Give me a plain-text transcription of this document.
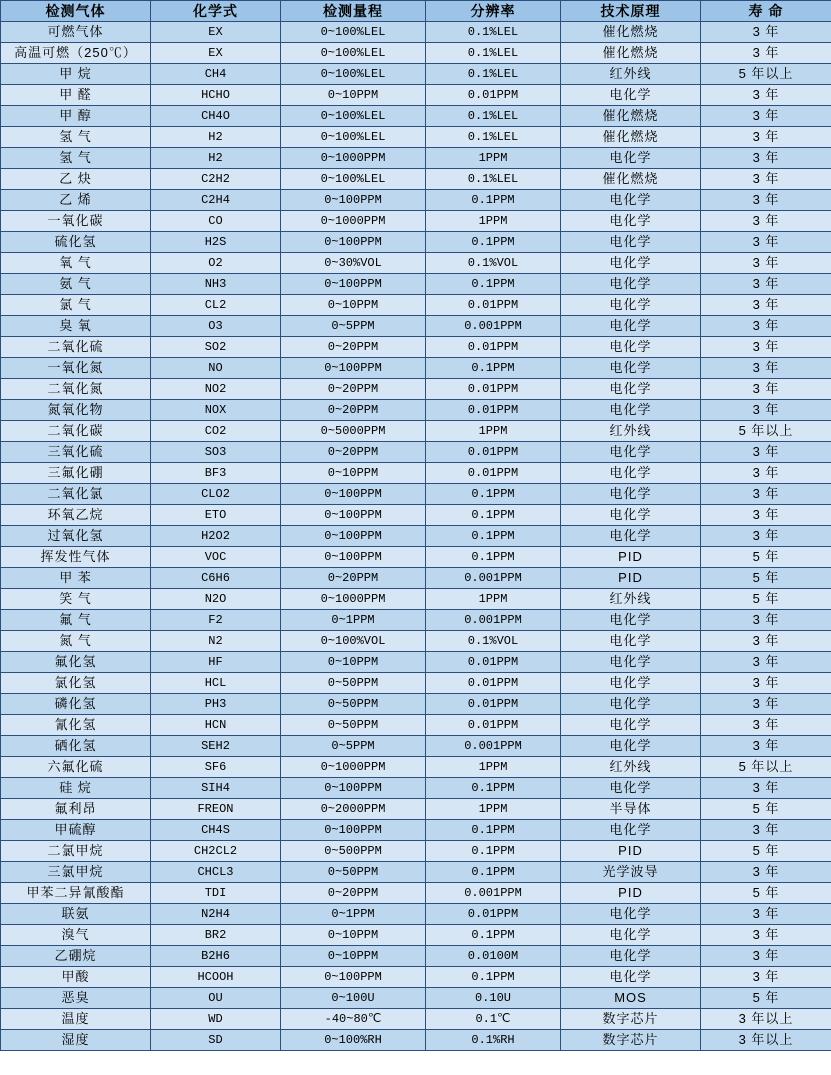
检测气体	化学式	检测量程	分辨率	技术原理	寿 命
可燃气体	EX	0~100%LEL	0.1%LEL	催化燃烧	3 年
高温可燃（250℃）	EX	0~100%LEL	0.1%LEL	催化燃烧	3 年
甲 烷	CH4	0~100%LEL	0.1%LEL	红外线	5 年以上
甲 醛	HCHO	0~10PPM	0.01PPM	电化学	3 年
甲 醇	CH4O	0~100%LEL	0.1%LEL	催化燃烧	3 年
氢 气	H2	0~100%LEL	0.1%LEL	催化燃烧	3 年
氢 气	H2	0~1000PPM	1PPM	电化学	3 年
乙 炔	C2H2	0~100%LEL	0.1%LEL	催化燃烧	3 年
乙 烯	C2H4	0~100PPM	0.1PPM	电化学	3 年
一氧化碳	CO	0~1000PPM	1PPM	电化学	3 年
硫化氢	H2S	0~100PPM	0.1PPM	电化学	3 年
氧 气	O2	0~30%VOL	0.1%VOL	电化学	3 年
氨 气	NH3	0~100PPM	0.1PPM	电化学	3 年
氯 气	CL2	0~10PPM	0.01PPM	电化学	3 年
臭 氧	O3	0~5PPM	0.001PPM	电化学	3 年
二氧化硫	SO2	0~20PPM	0.01PPM	电化学	3 年
一氧化氮	NO	0~100PPM	0.1PPM	电化学	3 年
二氧化氮	NO2	0~20PPM	0.01PPM	电化学	3 年
氮氧化物	NOX	0~20PPM	0.01PPM	电化学	3 年
二氧化碳	CO2	0~5000PPM	1PPM	红外线	5 年以上
三氧化硫	SO3	0~20PPM	0.01PPM	电化学	3 年
三氟化硼	BF3	0~10PPM	0.01PPM	电化学	3 年
二氧化氯	CLO2	0~100PPM	0.1PPM	电化学	3 年
环氧乙烷	ETO	0~100PPM	0.1PPM	电化学	3 年
过氧化氢	H2O2	0~100PPM	0.1PPM	电化学	3 年
挥发性气体	VOC	0~100PPM	0.1PPM	PID	5 年
甲 苯	C6H6	0~20PPM	0.001PPM	PID	5 年
笑 气	N2O	0~1000PPM	1PPM	红外线	5 年
氟 气	F2	0~1PPM	0.001PPM	电化学	3 年
氮 气	N2	0~100%VOL	0.1%VOL	电化学	3 年
氟化氢	HF	0~10PPM	0.01PPM	电化学	3 年
氯化氢	HCL	0~50PPM	0.01PPM	电化学	3 年
磷化氢	PH3	0~50PPM	0.01PPM	电化学	3 年
氰化氢	HCN	0~50PPM	0.01PPM	电化学	3 年
硒化氢	SEH2	0~5PPM	0.001PPM	电化学	3 年
六氟化硫	SF6	0~1000PPM	1PPM	红外线	5 年以上
硅 烷	SIH4	0~100PPM	0.1PPM	电化学	3 年
氟利昂	FREON	0~2000PPM	1PPM	半导体	5 年
甲硫醇	CH4S	0~100PPM	0.1PPM	电化学	3 年
二氯甲烷	CH2CL2	0~500PPM	0.1PPM	PID	5 年
三氯甲烷	CHCL3	0~50PPM	0.1PPM	光学波导	3 年
甲苯二异氰酸酯	TDI	0~20PPM	0.001PPM	PID	5 年
联氨	N2H4	0~1PPM	0.01PPM	电化学	3 年
溴气	BR2	0~10PPM	0.1PPM	电化学	3 年
乙硼烷	B2H6	0~10PPM	0.0100M	电化学	3 年
甲酸	HCOOH	0~100PPM	0.1PPM	电化学	3 年
恶臭	OU	0~100U	0.10U	MOS	5 年
温度	WD	-40~80℃	0.1℃	数字芯片	3 年以上
湿度	SD	0~100%RH	0.1%RH	数字芯片	3 年以上
